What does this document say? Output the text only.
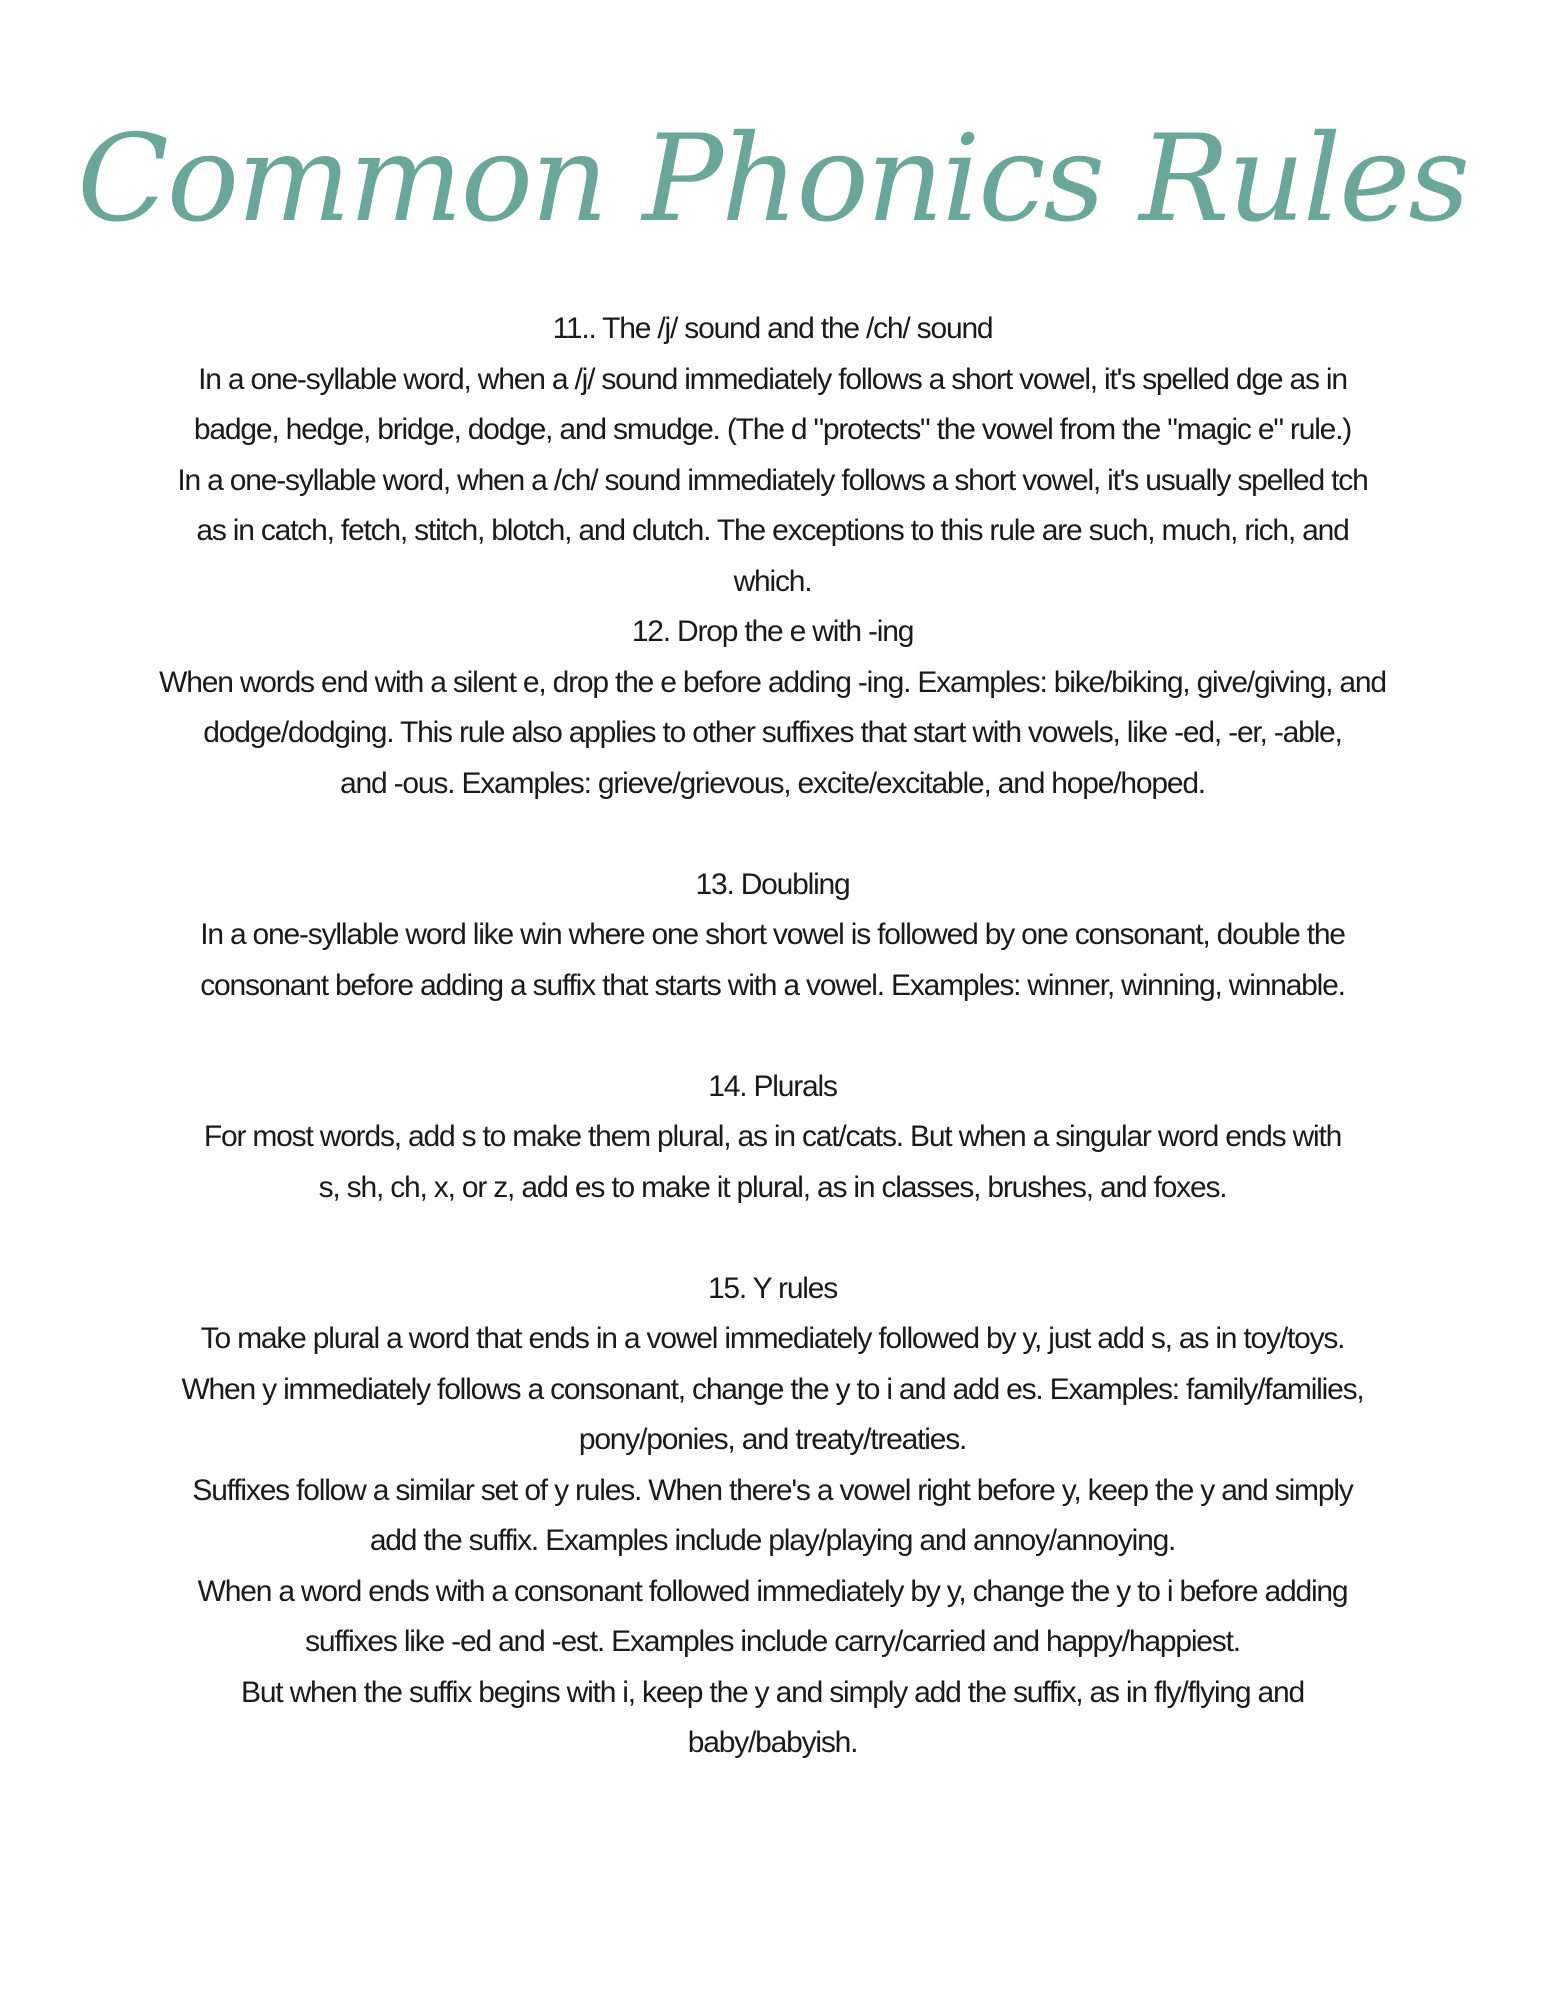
Common Phonics Rules
11.. The /j/ sound and the /ch/ sound
In a one-syllable word, when a /j/ sound immediately follows a short vowel, it's spelled dge as in
badge, hedge, bridge, dodge, and smudge. (The d "protects" the vowel from the "magic e" rule.)
In a one-syllable word, when a /ch/ sound immediately follows a short vowel, it's usually spelled tch
as in catch, fetch, stitch, blotch, and clutch. The exceptions to this rule are such, much, rich, and
which.
12. Drop the e with -ing
When words end with a silent e, drop the e before adding -ing. Examples: bike/biking, give/giving, and
dodge/dodging. This rule also applies to other suffixes that start with vowels, like -ed, -er, -able,
and -ous. Examples: grieve/grievous, excite/excitable, and hope/hoped.
13. Doubling
In a one-syllable word like win where one short vowel is followed by one consonant, double the
consonant before adding a suffix that starts with a vowel. Examples: winner, winning, winnable.
14. Plurals
For most words, add s to make them plural, as in cat/cats. But when a singular word ends with
s, sh, ch, x, or z, add es to make it plural, as in classes, brushes, and foxes.
15. Y rules
To make plural a word that ends in a vowel immediately followed by y, just add s, as in toy/toys.
When y immediately follows a consonant, change the y to i and add es. Examples: family/families,
pony/ponies, and treaty/treaties.
Suffixes follow a similar set of y rules. When there's a vowel right before y, keep the y and simply
add the suffix. Examples include play/playing and annoy/annoying.
When a word ends with a consonant followed immediately by y, change the y to i before adding
suffixes like -ed and -est. Examples include carry/carried and happy/happiest.
But when the suffix begins with i, keep the y and simply add the suffix, as in fly/flying and
baby/babyish.
